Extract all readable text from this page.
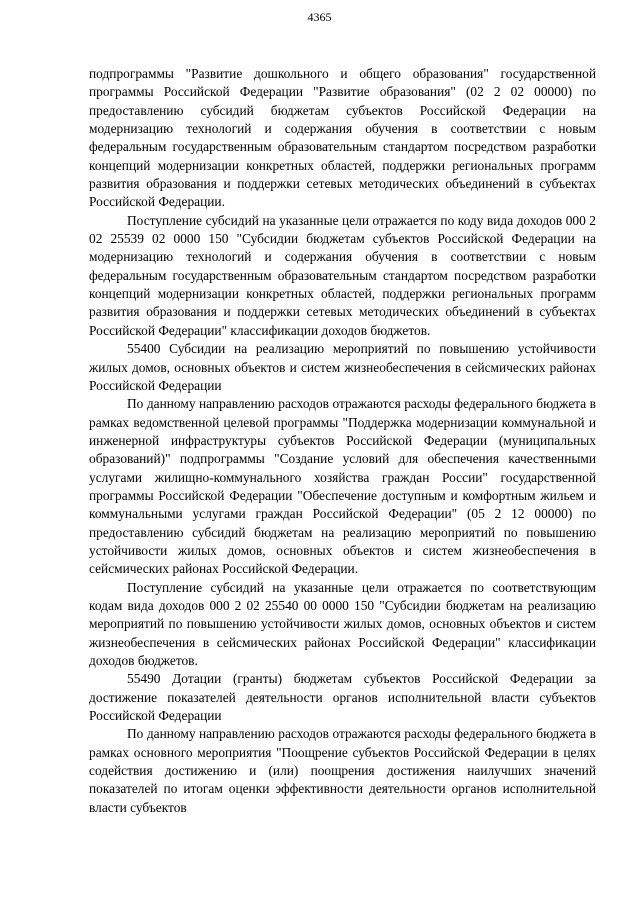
4365

подпрограммы "Развитие дошкольного и общего образования" государственной программы Российской Федерации "Развитие образования" (02 2 02 00000) по предоставлению субсидий бюджетам субъектов Российской Федерации на модернизацию технологий и содержания обучения в соответствии с новым федеральным государственным образовательным стандартом посредством разработки концепций модернизации конкретных областей, поддержки региональных программ развития образования и поддержки сетевых методических объединений в субъектах Российской Федерации.

Поступление субсидий на указанные цели отражается по коду вида доходов 000 2 02 25539 02 0000 150 "Субсидии бюджетам субъектов Российской Федерации на модернизацию технологий и содержания обучения в соответствии с новым федеральным государственным образовательным стандартом посредством разработки концепций модернизации конкретных областей, поддержки региональных программ развития образования и поддержки сетевых методических объединений в субъектах Российской Федерации" классификации доходов бюджетов.

55400 Субсидии на реализацию мероприятий по повышению устойчивости жилых домов, основных объектов и систем жизнеобеспечения в сейсмических районах Российской Федерации

По данному направлению расходов отражаются расходы федерального бюджета в рамках ведомственной целевой программы "Поддержка модернизации коммунальной и инженерной инфраструктуры субъектов Российской Федерации (муниципальных образований)" подпрограммы "Создание условий для обеспечения качественными услугами жилищно-коммунального хозяйства граждан России" государственной программы Российской Федерации "Обеспечение доступным и комфортным жильем и коммунальными услугами граждан Российской Федерации" (05 2 12 00000) по предоставлению субсидий бюджетам на реализацию мероприятий по повышению устойчивости жилых домов, основных объектов и систем жизнеобеспечения в сейсмических районах Российской Федерации.

Поступление субсидий на указанные цели отражается по соответствующим кодам вида доходов 000 2 02 25540 00 0000 150 "Субсидии бюджетам на реализацию мероприятий по повышению устойчивости жилых домов, основных объектов и систем жизнеобеспечения в сейсмических районах Российской Федерации" классификации доходов бюджетов.

55490 Дотации (гранты) бюджетам субъектов Российской Федерации за достижение показателей деятельности органов исполнительной власти субъектов Российской Федерации

По данному направлению расходов отражаются расходы федерального бюджета в рамках основного мероприятия "Поощрение субъектов Российской Федерации в целях содействия достижению и (или) поощрения достижения наилучших значений показателей по итогам оценки эффективности деятельности органов исполнительной власти субъектов
